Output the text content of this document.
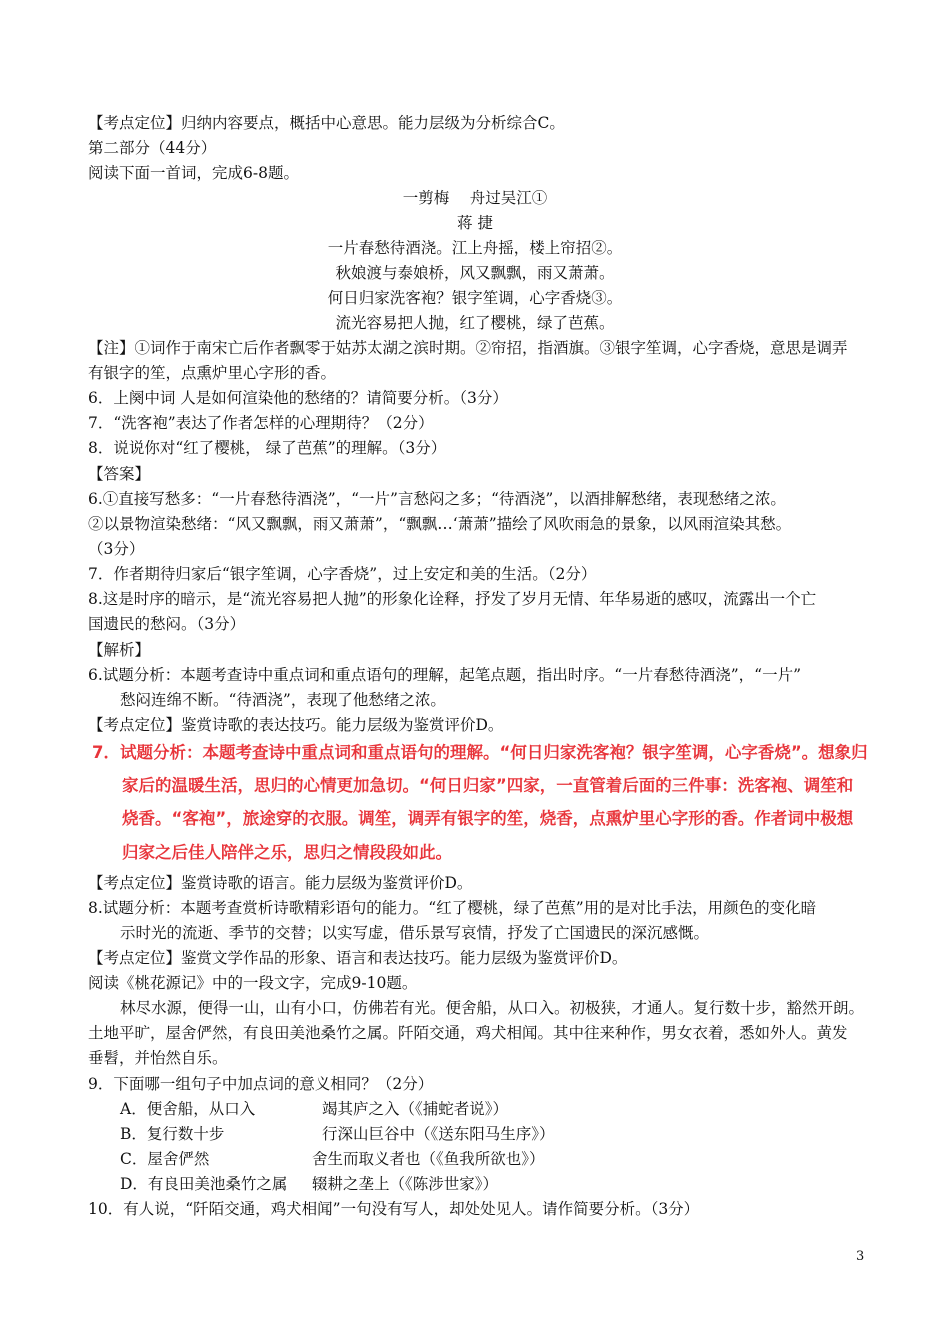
【考点定位】归纳内容要点，概括中心意思。能力层级为分析综合C。
第二部分（44分）
阅读下面一首词，完成6-8题。
一剪梅　 舟过吴江①
蒋 捷
一片春愁待酒浇。江上舟摇，楼上帘招②。
秋娘渡与泰娘桥，风又飘飘，雨又萧萧。
何日归家洗客袍？银字笙调，心字香烧③。
流光容易把人抛，红了樱桃，绿了芭蕉。
【注】①词作于南宋亡后作者飘零于姑苏太湖之滨时期。②帘招，指酒旗。③银字笙调，心字香烧，意思是调弄
有银字的笙，点熏炉里心字形的香。
6．上阕中词 人是如何渲染他的愁绪的？请简要分析。（3分）
7．“洗客袍”表达了作者怎样的心理期待？（2分）
8．说说你对“红了樱桃， 绿了芭蕉”的理解。（3分）
【答案】
6.①直接写愁多：“一片春愁待酒浇”，“一片”言愁闷之多；“待酒浇”，以酒排解愁绪，表现愁绪之浓。
②以景物渲染愁绪：“风又飘飘，雨又萧萧”，“飘飘…‘萧萧”描绘了风吹雨急的景象，以风雨渲染其愁。
（3分）
7．作者期待归家后“银字笙调，心字香烧”，过上安定和美的生活。（2分）
8.这是时序的暗示，是“流光容易把人抛”的形象化诠释，抒发了岁月无情、年华易逝的感叹，流露出一个亡
国遗民的愁闷。（3分）
【解析】
6.试题分析：本题考查诗中重点词和重点语句的理解，起笔点题，指出时序。“一片春愁待酒浇”，“一片”
愁闷连绵不断。“待酒浇”，表现了他愁绪之浓。
【考点定位】鉴赏诗歌的表达技巧。能力层级为鉴赏评价D。
7．试题分析：本题考查诗中重点词和重点语句的理解。“何日归家洗客袍？银字笙调，心字香烧”。想象归
家后的温暖生活，思归的心情更加急切。“何日归家”四家，一直管着后面的三件事：洗客袍、调笙和
烧香。“客袍”，旅途穿的衣服。调笙，调弄有银字的笙，烧香，点熏炉里心字形的香。作者词中极想
归家之后佳人陪伴之乐，思归之情段段如此。
【考点定位】鉴赏诗歌的语言。能力层级为鉴赏评价D。
8.试题分析：本题考查赏析诗歌精彩语句的能力。“红了樱桃，绿了芭蕉”用的是对比手法，用颜色的变化暗
示时光的流逝、季节的交替；以实写虚，借乐景写哀情，抒发了亡国遗民的深沉感慨。
【考点定位】鉴赏文学作品的形象、语言和表达技巧。能力层级为鉴赏评价D。
阅读《桃花源记》中的一段文字，完成9-10题。
林尽水源，便得一山，山有小口，仿佛若有光。便舍船，从口入。初极狭，才通人。复行数十步，豁然开朗。
土地平旷，屋舍俨然，有良田美池桑竹之属。阡陌交通，鸡犬相闻。其中往来种作，男女衣着，悉如外人。黄发
垂髫，并怡然自乐。
9．下面哪一组句子中加点词的意义相同？（2分）
A．便舍船，从口入	竭其庐之入（《捕蛇者说》）
B．复行数十步	行深山巨谷中（《送东阳马生序》）
C．屋舍俨然	舍生而取义者也（《鱼我所欲也》）
D．有良田美池桑竹之属 辍耕之垄上（《陈涉世家》）
10．有人说，“阡陌交通，鸡犬相闻”一句没有写人，却处处见人。请作简要分析。（3分）
3
